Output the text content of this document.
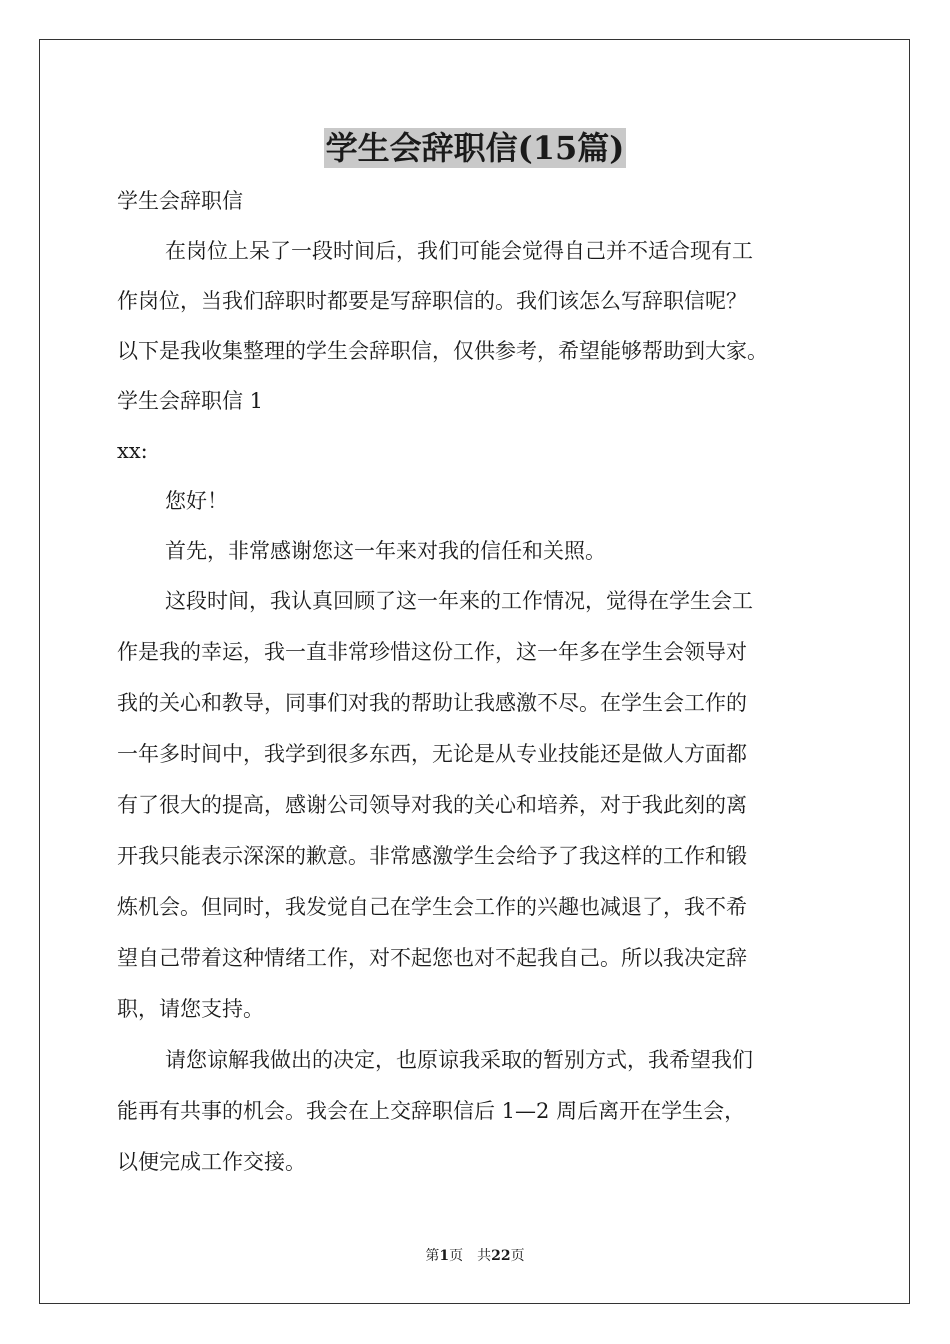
学生会辞职信(15篇)
学生会辞职信
在岗位上呆了一段时间后，我们可能会觉得自己并不适合现有工
作岗位，当我们辞职时都要是写辞职信的。我们该怎么写辞职信呢？
以下是我收集整理的学生会辞职信，仅供参考，希望能够帮助到大家。
学生会辞职信 1
xx:
您好！
首先，非常感谢您这一年来对我的信任和关照。
这段时间，我认真回顾了这一年来的工作情况，觉得在学生会工
作是我的幸运，我一直非常珍惜这份工作，这一年多在学生会领导对
我的关心和教导，同事们对我的帮助让我感激不尽。在学生会工作的
一年多时间中，我学到很多东西，无论是从专业技能还是做人方面都
有了很大的提高，感谢公司领导对我的关心和培养，对于我此刻的离
开我只能表示深深的歉意。非常感激学生会给予了我这样的工作和锻
炼机会。但同时，我发觉自己在学生会工作的兴趣也减退了，我不希
望自己带着这种情绪工作，对不起您也对不起我自己。所以我决定辞
职，请您支持。
请您谅解我做出的决定，也原谅我采取的暂别方式，我希望我们
能再有共事的机会。我会在上交辞职信后 1—2 周后离开在学生会，
以便完成工作交接。
第1页 共22页
